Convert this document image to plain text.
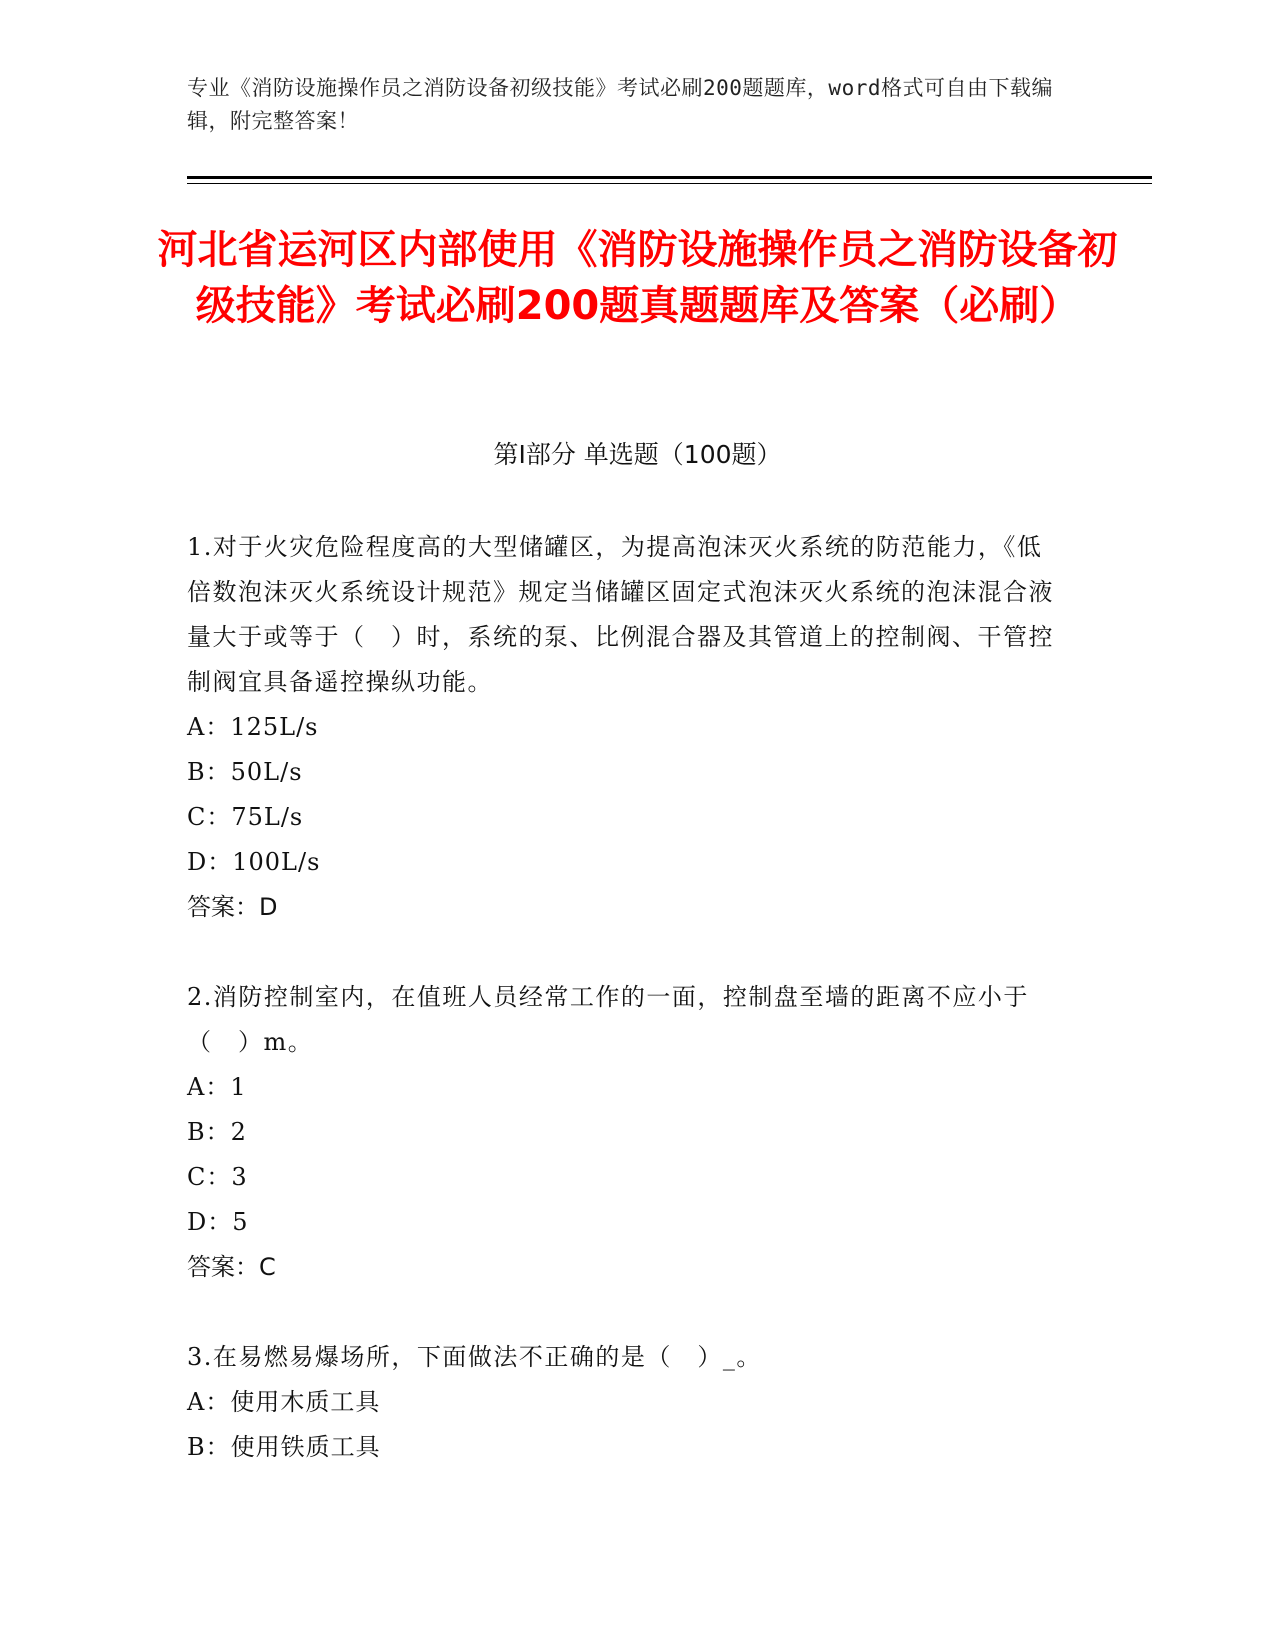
专业《消防设施操作员之消防设备初级技能》考试必刷200题题库，word格式可自由下载编辑，附完整答案！
河北省运河区内部使用《消防设施操作员之消防设备初级技能》考试必刷200题真题题库及答案（必刷）
第Ⅰ部分 单选题（100题）
1.对于火灾危险程度高的大型储罐区，为提高泡沫灭火系统的防范能力，《低倍数泡沫灭火系统设计规范》规定当储罐区固定式泡沫灭火系统的泡沫混合液量大于或等于（　）时，系统的泵、比例混合器及其管道上的控制阀、干管控制阀宜具备遥控操纵功能。
A：125L/s
B：50L/s
C：75L/s
D：100L/s
答案：D
2.消防控制室内，在值班人员经常工作的一面，控制盘至墙的距离不应小于（　）m。
A：1
B：2
C：3
D：5
答案：C
3.在易燃易爆场所，下面做法不正确的是（　）_。
A：使用木质工具
B：使用铁质工具
